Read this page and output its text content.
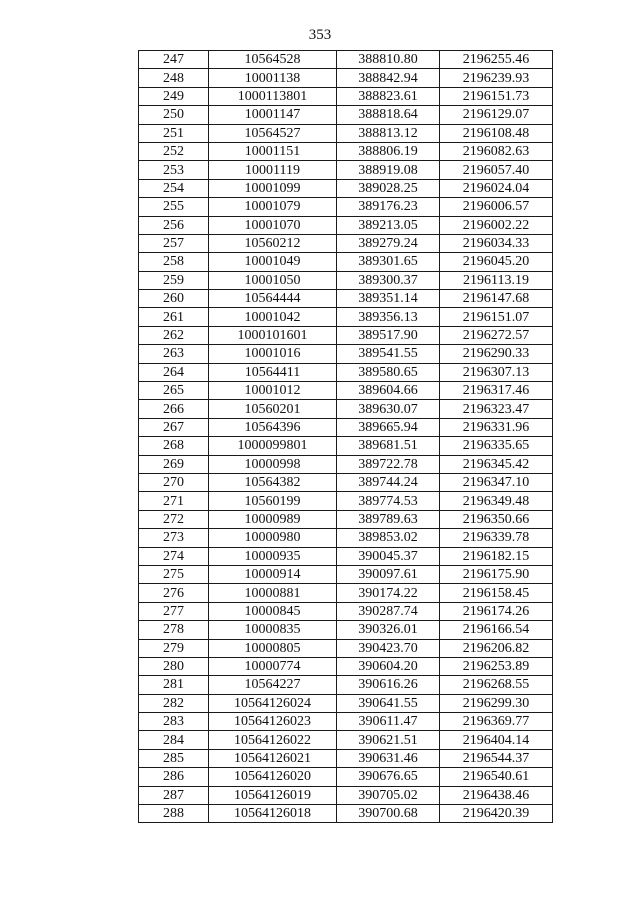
353
247	10564528	388810.80	2196255.46
248	10001138	388842.94	2196239.93
249	1000113801	388823.61	2196151.73
250	10001147	388818.64	2196129.07
251	10564527	388813.12	2196108.48
252	10001151	388806.19	2196082.63
253	10001119	388919.08	2196057.40
254	10001099	389028.25	2196024.04
255	10001079	389176.23	2196006.57
256	10001070	389213.05	2196002.22
257	10560212	389279.24	2196034.33
258	10001049	389301.65	2196045.20
259	10001050	389300.37	2196113.19
260	10564444	389351.14	2196147.68
261	10001042	389356.13	2196151.07
262	1000101601	389517.90	2196272.57
263	10001016	389541.55	2196290.33
264	10564411	389580.65	2196307.13
265	10001012	389604.66	2196317.46
266	10560201	389630.07	2196323.47
267	10564396	389665.94	2196331.96
268	1000099801	389681.51	2196335.65
269	10000998	389722.78	2196345.42
270	10564382	389744.24	2196347.10
271	10560199	389774.53	2196349.48
272	10000989	389789.63	2196350.66
273	10000980	389853.02	2196339.78
274	10000935	390045.37	2196182.15
275	10000914	390097.61	2196175.90
276	10000881	390174.22	2196158.45
277	10000845	390287.74	2196174.26
278	10000835	390326.01	2196166.54
279	10000805	390423.70	2196206.82
280	10000774	390604.20	2196253.89
281	10564227	390616.26	2196268.55
282	10564126024	390641.55	2196299.30
283	10564126023	390611.47	2196369.77
284	10564126022	390621.51	2196404.14
285	10564126021	390631.46	2196544.37
286	10564126020	390676.65	2196540.61
287	10564126019	390705.02	2196438.46
288	10564126018	390700.68	2196420.39
